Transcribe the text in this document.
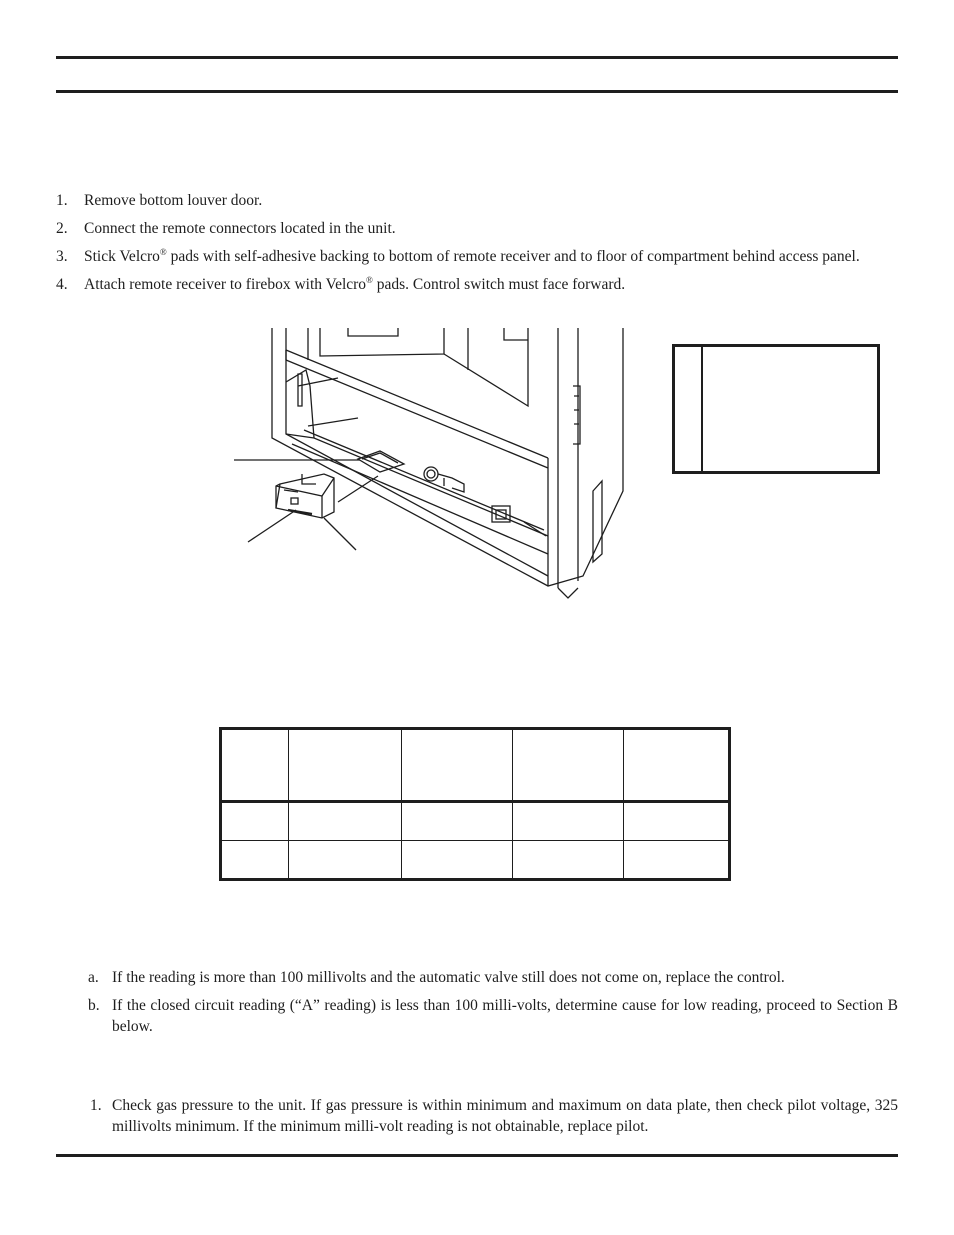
1. Remove bottom louver door.
2. Connect the remote connectors located in the unit.
3. Stick Velcro® pads with self-adhesive backing to bottom of remote receiver and to floor of compartment behind access panel.
4. Attach remote receiver to firebox with Velcro® pads. Control switch must face forward.

a. If the reading is more than 100 millivolts and the automatic valve still does not come on, replace the control.
b. If the closed circuit reading (“A” reading) is less than 100 milli-volts, determine cause for low reading, proceed to Section B below.
1. Check gas pressure to the unit. If gas pressure is within minimum and maximum on data plate, then check pilot voltage, 325 millivolts minimum. If the minimum milli-volt reading is not obtainable, replace pilot.
